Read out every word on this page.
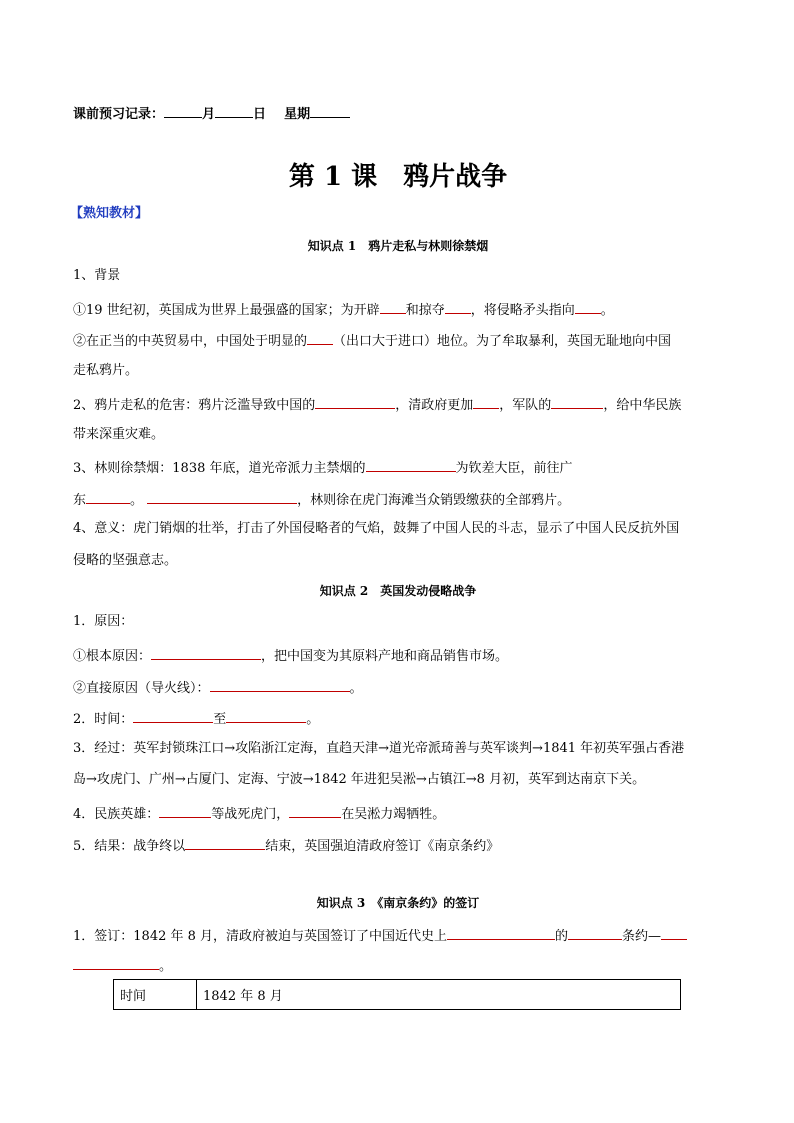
课前预习记录：	月	日 星期
第 1 课　鸦片战争
【熟知教材】
知识点 1　鸦片走私与林则徐禁烟
1、背景
①19 世纪初，英国成为世界上最强盛的国家；为开辟 和掠夺 ，将侵略矛头指向 。
②在正当的中英贸易中，中国处于明显的 （出口大于进口）地位。为了牟取暴利，英国无耻地向中国
走私鸦片。
2、鸦片走私的危害：鸦片泛滥导致中国的	，清政府更加 ，军队的	，给中华民族
带来深重灾难。
3、林则徐禁烟：1838 年底，道光帝派力主禁烟的	为钦差大臣，前往广
东	。	，林则徐在虎门海滩当众销毁缴获的全部鸦片。
4、意义：虎门销烟的壮举，打击了外国侵略者的气焰，鼓舞了中国人民的斗志，显示了中国人民反抗外国
侵略的坚强意志。
知识点 2　英国发动侵略战争
1．原因：
①根本原因：	，把中国变为其原料产地和商品销售市场。
②直接原因（导火线）：	。
2．时间：	至	。
3．经过：英军封锁珠江口→攻陷浙江定海，直趋天津→道光帝派琦善与英军谈判→1841 年初英军强占香港
岛→攻虎门、广州→占厦门、定海、宁波→1842 年进犯吴淞→占镇江→8 月初，英军到达南京下关。
4．民族英雄：	等战死虎门，	在吴淞力竭牺牲。
5．结果：战争终以	结束，英国强迫清政府签订《南京条约》
知识点 3　《南京条约》的签订
1．签订：1842 年 8 月，清政府被迫与英国签订了中国近代史上	的	条约—
。
时间	1842 年 8 月
